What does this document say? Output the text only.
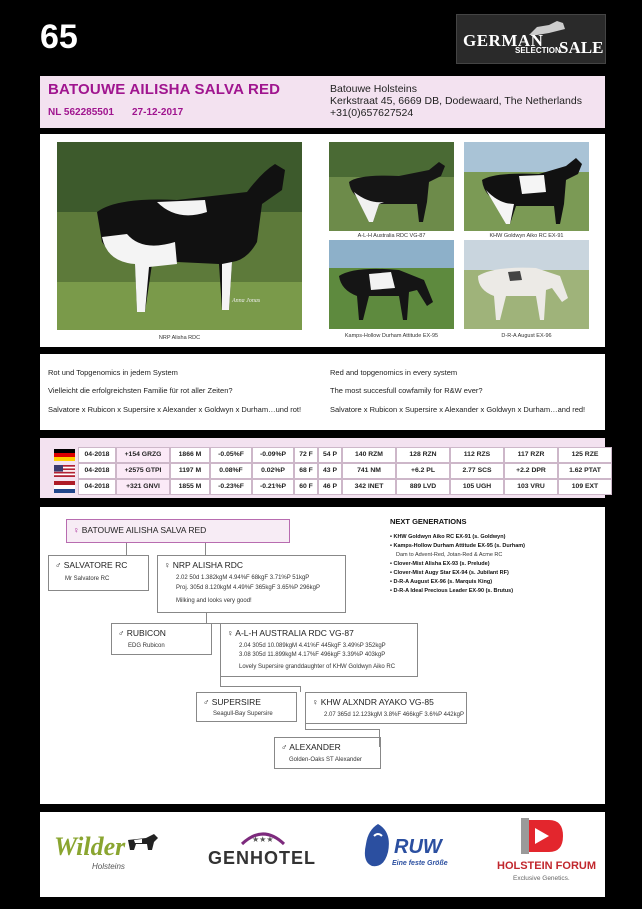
65	GERMAN
SELECTION
SALE
BATOUWE AILISHA SALVA RED
NL 562285501 27-12-2017
Batouwe Holsteins
Kerkstraat 45, 6669 DB, Dodewaard, The Netherlands
+31(0)657627524
Anna Jonas
NRP Alisha RDC
A-L-H Australia RDC VG-87	KHW Goldwyn Aiko RC EX-91
Kamps-Hollow Durham Attitude EX-95	D-R-A August EX-96
Rot und Topgenomics in jedem System
Vielleicht die erfolgreichsten Familie für rot aller Zeiten?
Salvatore x Rubicon x Supersire x Alexander x Goldwyn x Durham…und rot!
Red and topgenomics in every system
The most succesfull cowfamily for R&W ever?
Salvatore x Rubicon x Supersire x Alexander x Goldwyn x Durham…and red!
04-2018	+154 GRZG	1866 M	-0.05%F	-0.09%P	72 F	54 P	140 RZM	128 RZN	112 RZS	117 RZR	125 RZE
04-2018	+2575 GTPI	1197 M	0.08%F	0.02%P	68 F	43 P	741 NM	+6.2 PL	2.77 SCS	+2.2 DPR	1.62 PTAT
04-2018	+321 GNVI	1855 M	-0.23%F	-0.21%P	60 F	46 P	342 INET	889 LVD	105 UGH	103 VRU	109 EXT
♀ BATOUWE AILISHA SALVA RED
♂ SALVATORE RC
Mr Salvatore RC
♀ NRP ALISHA RDC
2.02 50d 1.382kgM 4.94%F 68kgF 3.71%P 51kgP
Proj. 305d 8.120kgM 4.49%F 365kgF 3.65%P 296kgP
Milking and looks very good!
♂ RUBICON
EDG Rubicon
♀ A-L-H AUSTRALIA RDC VG-87
2.04 305d 10.089kgM 4.41%F 445kgF 3.49%P 352kgP
3.08 305d 11.899kgM 4.17%F 496kgF 3.39%P 403kgP
Lovely Supersire granddaughter of KHW Goldwyn Aiko RC
♂ SUPERSIRE
Seagull-Bay Supersire
♀ KHW ALXNDR AYAKO VG-85
2.07 365d 12.123kgM 3.8%F 466kgF 3.6%P 442kgP
♂ ALEXANDER
Golden-Oaks ST Alexander
NEXT GENERATIONS
• KHW Goldwyn Aiko RC EX-91 (s. Goldwyn)
• Kamps-Hollow Durham Attitude EX-95 (s. Durham)
Dam to Advent-Red, Jotan-Red & Acme RC
• Clover-Mist Alisha EX-93 (s. Prelude)
• Clover-Mist Augy Star EX-94 (s. Jubilant RF)
• D-R-A August EX-96 (s. Marquis King)
• D-R-A Ideal Precious Leader EX-90 (s. Brutus)
Wilder
Holsteins
★★★
GENHOTEL	RUW
Eine feste Größe	HOLSTEIN FORUM
Exclusive Genetics.
